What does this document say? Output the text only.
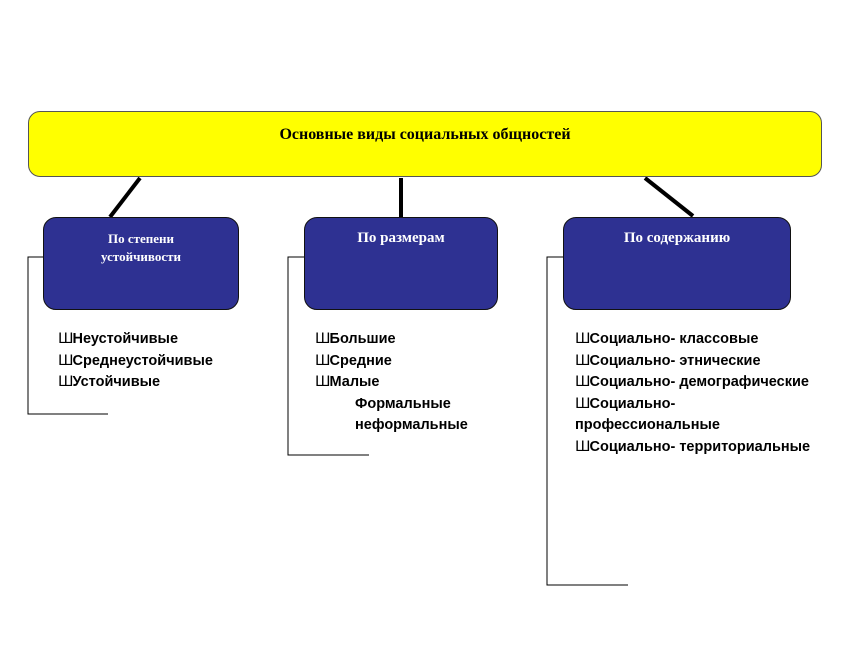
Основные виды социальных общностей
По степени
устойчивости
По размерам	По содержанию
Ш Неустойчивые
Ш Среднеустойчивые
Ш Устойчивые
Ш Большие
Ш Средние
Ш Малые
Формальные
неформальные
Ш Социально- классовые
Ш Социально- этнические
Ш Социально- демографические
Ш Социально-
профессиональные
Ш Социально- территориальные
